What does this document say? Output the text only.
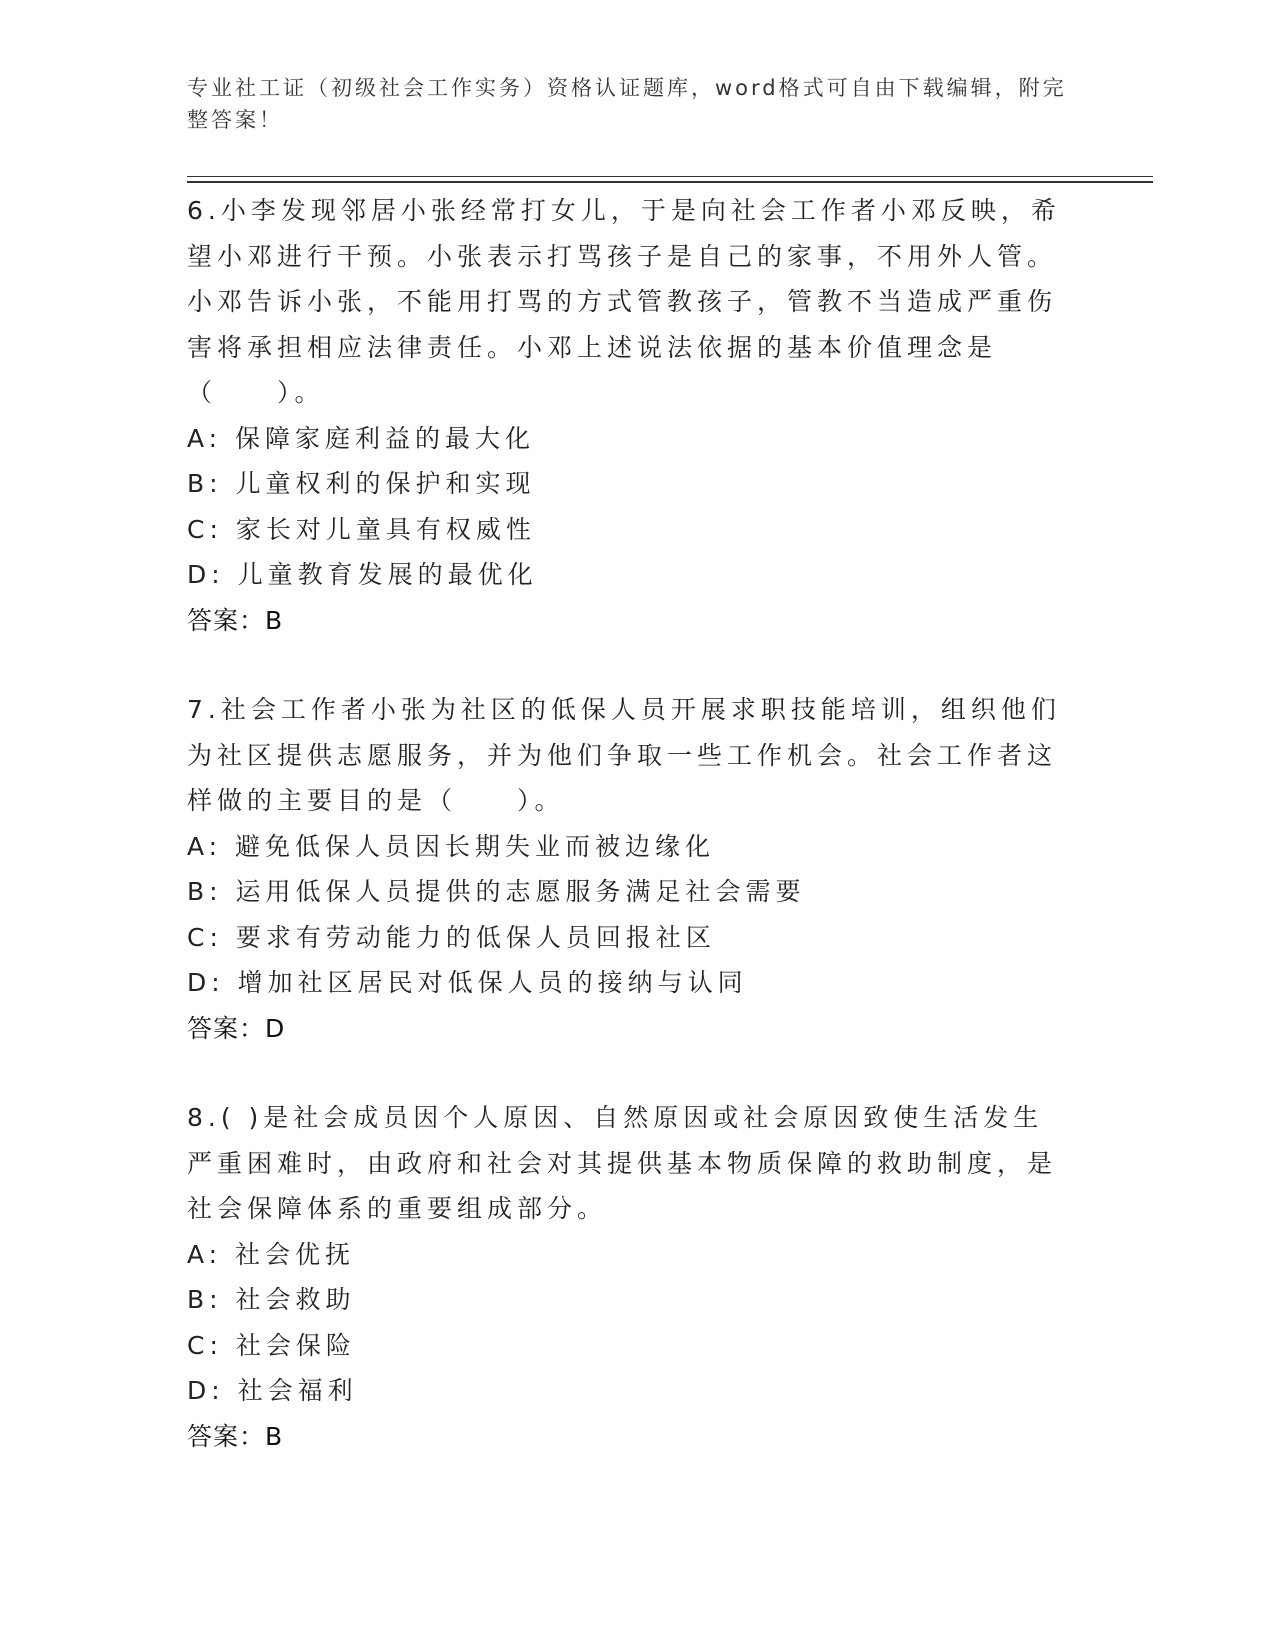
专业社工证（初级社会工作实务）资格认证题库，word格式可自由下载编辑，附完整答案！
6.小李发现邻居小张经常打女儿，于是向社会工作者小邓反映，希望小邓进行干预。小张表示打骂孩子是自己的家事，不用外人管。小邓告诉小张，不能用打骂的方式管教孩子，管教不当造成严重伤害将承担相应法律责任。小邓上述说法依据的基本价值理念是（　　）。
A: 保障家庭利益的最大化
B: 儿童权利的保护和实现
C: 家长对儿童具有权威性
D: 儿童教育发展的最优化
答案：B
7.社会工作者小张为社区的低保人员开展求职技能培训，组织他们为社区提供志愿服务，并为他们争取一些工作机会。社会工作者这样做的主要目的是（　　）。
A: 避免低保人员因长期失业而被边缘化
B: 运用低保人员提供的志愿服务满足社会需要
C: 要求有劳动能力的低保人员回报社区
D: 增加社区居民对低保人员的接纳与认同
答案：D
8.( )是社会成员因个人原因、自然原因或社会原因致使生活发生严重困难时，由政府和社会对其提供基本物质保障的救助制度，是社会保障体系的重要组成部分。
A: 社会优抚
B: 社会救助
C: 社会保险
D: 社会福利
答案：B
